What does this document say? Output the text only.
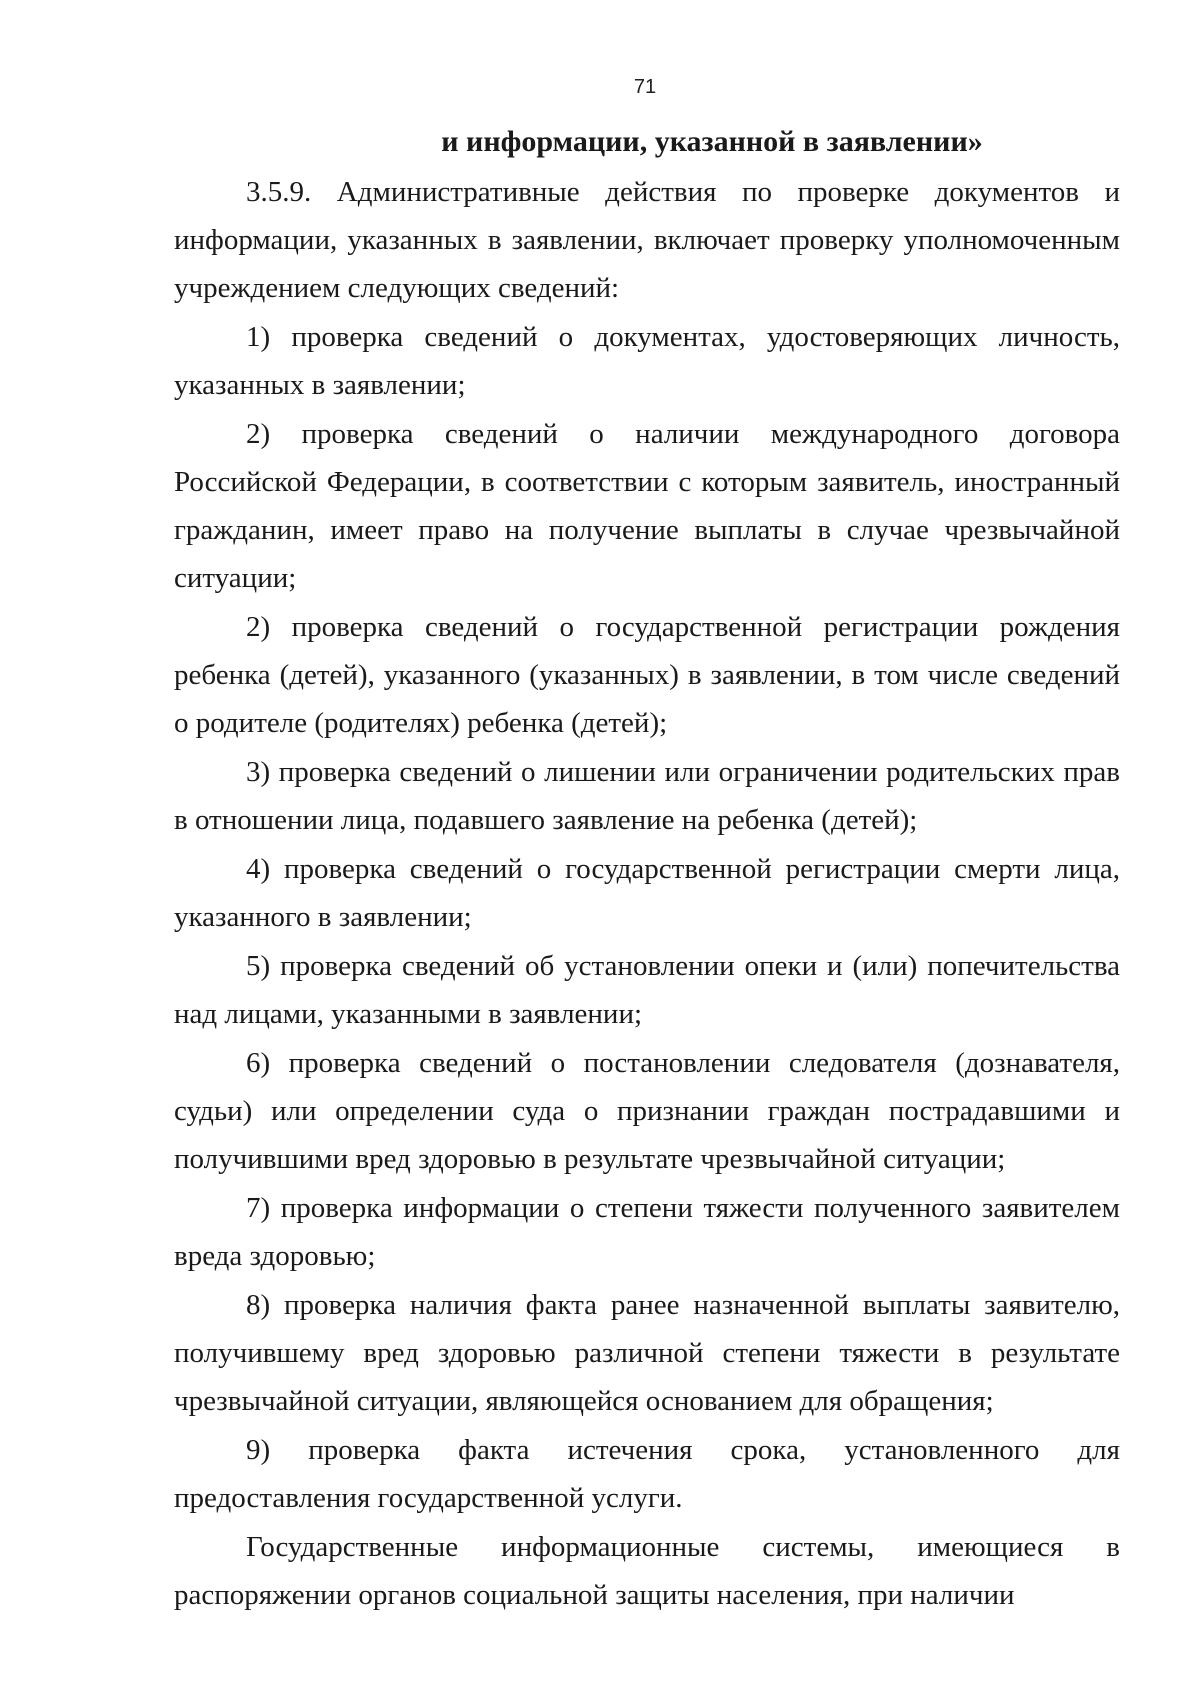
71
и информации, указанной в заявлении»

3.5.9. Административные действия по проверке документов и информации, указанных в заявлении, включает проверку уполномоченным учреждением следующих сведений:

1) проверка сведений о документах, удостоверяющих личность, указанных в заявлении;

2) проверка сведений о наличии международного договора Российской Федерации, в соответствии с которым заявитель, иностранный гражданин, имеет право на получение выплаты в случае чрезвычайной ситуации;

2) проверка сведений о государственной регистрации рождения ребенка (детей), указанного (указанных) в заявлении, в том числе сведений о родителе (родителях) ребенка (детей);

3) проверка сведений о лишении или ограничении родительских прав в отношении лица, подавшего заявление на ребенка (детей);

4) проверка сведений о государственной регистрации смерти лица, указанного в заявлении;

5) проверка сведений об установлении опеки и (или) попечительства над лицами, указанными в заявлении;

6) проверка сведений о постановлении следователя (дознавателя, судьи) или определении суда о признании граждан пострадавшими и получившими вред здоровью в результате чрезвычайной ситуации;

7) проверка информации о степени тяжести полученного заявителем вреда здоровью;

8) проверка наличия факта ранее назначенной выплаты заявителю, получившему вред здоровью различной степени тяжести в результате чрезвычайной ситуации, являющейся основанием для обращения;

9) проверка факта истечения срока, установленного для предоставления государственной услуги.

Государственные информационные системы, имеющиеся в распоряжении органов социальной защиты населения, при наличии
